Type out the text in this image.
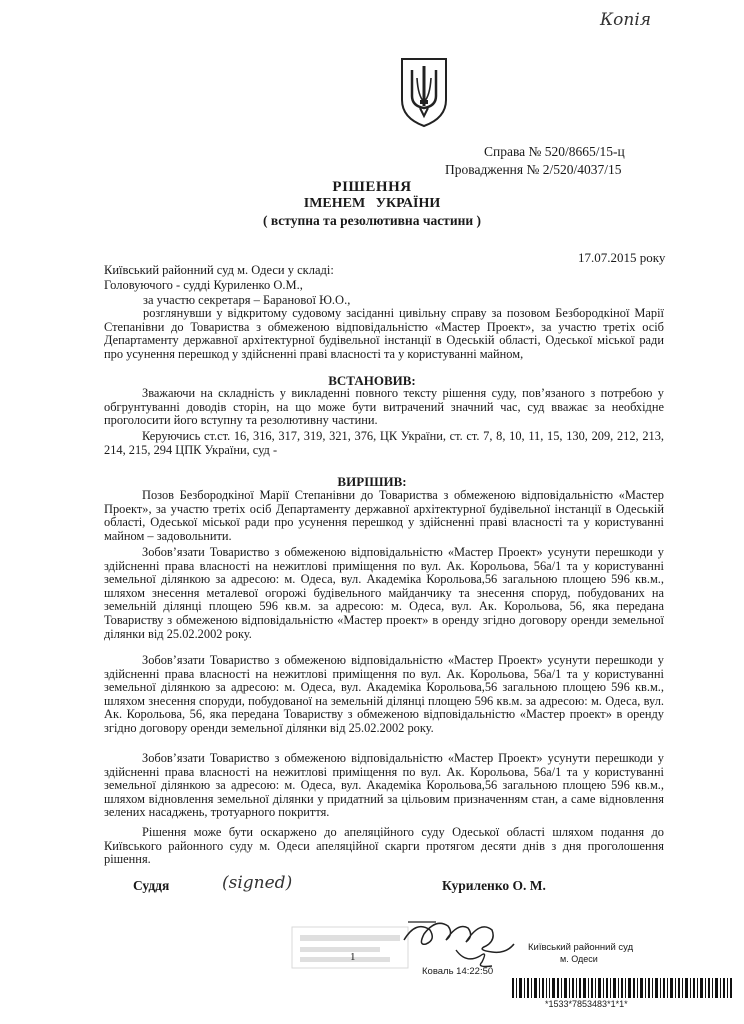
Копія
Справа № 520/8665/15-ц
Провадження № 2/520/4037/15
РІШЕННЯ
ІМЕНЕМ   УКРАЇНИ
( вступна та резолютивна частини )
17.07.2015 року
Київський районний суд м. Одеси у складі:
Головуючого - судді Куриленко О.М.,
за участю секретаря – Баранової Ю.О.,

розглянувши у відкритому судовому засіданні цивільну справу за позовом Безбородкіної Марії Степанівни до Товариства з обмеженою відповідальністю «Мастер Проект», за участю третіх осіб Департаменту державної архітектурної будівельної інстанції в Одеській області, Одеської міської ради про усунення перешкод у здійсненні праві власності та у користуванні майном,

ВСТАНОВИВ:

Зважаючи на складність у викладенні повного тексту рішення суду, пов’язаного з потребою у обгрунтуванні доводів сторін, на що може бути витрачений значний час, суд вважає за необхідне проголосити його вступну та резолютивну частини.

Керуючись ст.ст. 16, 316, 317, 319, 321, 376, ЦК України, ст. ст. 7, 8, 10, 11, 15, 130, 209, 212, 213, 214, 215, 294 ЦПК України, суд -

ВИРІШИВ:

Позов Безбородкіної Марії Степанівни до Товариства з обмеженою відповідальністю «Мастер Проект», за участю третіх осіб Департаменту державної архітектурної будівельної інстанції в Одеській області, Одеської міської ради про усунення перешкод у здійсненні праві власності та у користуванні майном – задовольнити.

Зобов’язати Товариство з обмеженою відповідальністю «Мастер Проект» усунути перешкоди у здійсненні права власності на нежитлові приміщення по вул. Ак. Корольова, 56а/1 та у користуванні земельної ділянкою за адресою: м. Одеса, вул. Академіка Корольова,56 загальною площею 596 кв.м., шляхом знесення металевої огорожі будівельного майданчику та знесення споруд, побудованих на земельній ділянці площею 596 кв.м. за адресою: м. Одеса, вул. Ак. Корольова, 56, яка передана Товариству з обмеженою відповідальністю «Мастер проект» в оренду згідно договору оренди земельної ділянки від 25.02.2002 року.

Зобов’язати Товариство з обмеженою відповідальністю «Мастер Проект» усунути перешкоди у здійсненні права власності на нежитлові приміщення по вул. Ак. Корольова, 56а/1 та у користуванні земельної ділянкою за адресою: м. Одеса, вул. Академіка Корольова,56 загальною площею 596 кв.м., шляхом знесення споруди, побудованої на земельній ділянці площею 596 кв.м. за адресою: м. Одеса, вул. Ак. Корольова, 56, яка передана Товариству з обмеженою відповідальністю «Мастер проект» в оренду згідно договору оренди земельної ділянки від 25.02.2002 року.

Зобов’язати Товариство з обмеженою відповідальністю «Мастер Проект» усунути перешкоди у здійсненні права власності на нежитлові приміщення по вул. Ак. Корольова, 56а/1 та у користуванні земельної ділянкою за адресою: м. Одеса, вул. Академіка Корольова,56 загальною площею 596 кв.м., шляхом відновлення земельної ділянки у придатний за цільовим призначенням стан, а саме відновлення зелених насаджень, тротуарного покриття.

Рішення може бути оскаржено до апеляційного суду Одеської області шляхом подання до Київського районного суду м. Одеси апеляційної скарги протягом десяти днів з дня проголошення рішення.

Суддя	(signed)	Куриленко О. М.
1
Київський районний суд
м. Одеси
Коваль 14:22:50
*1533*7853483*1*1*
